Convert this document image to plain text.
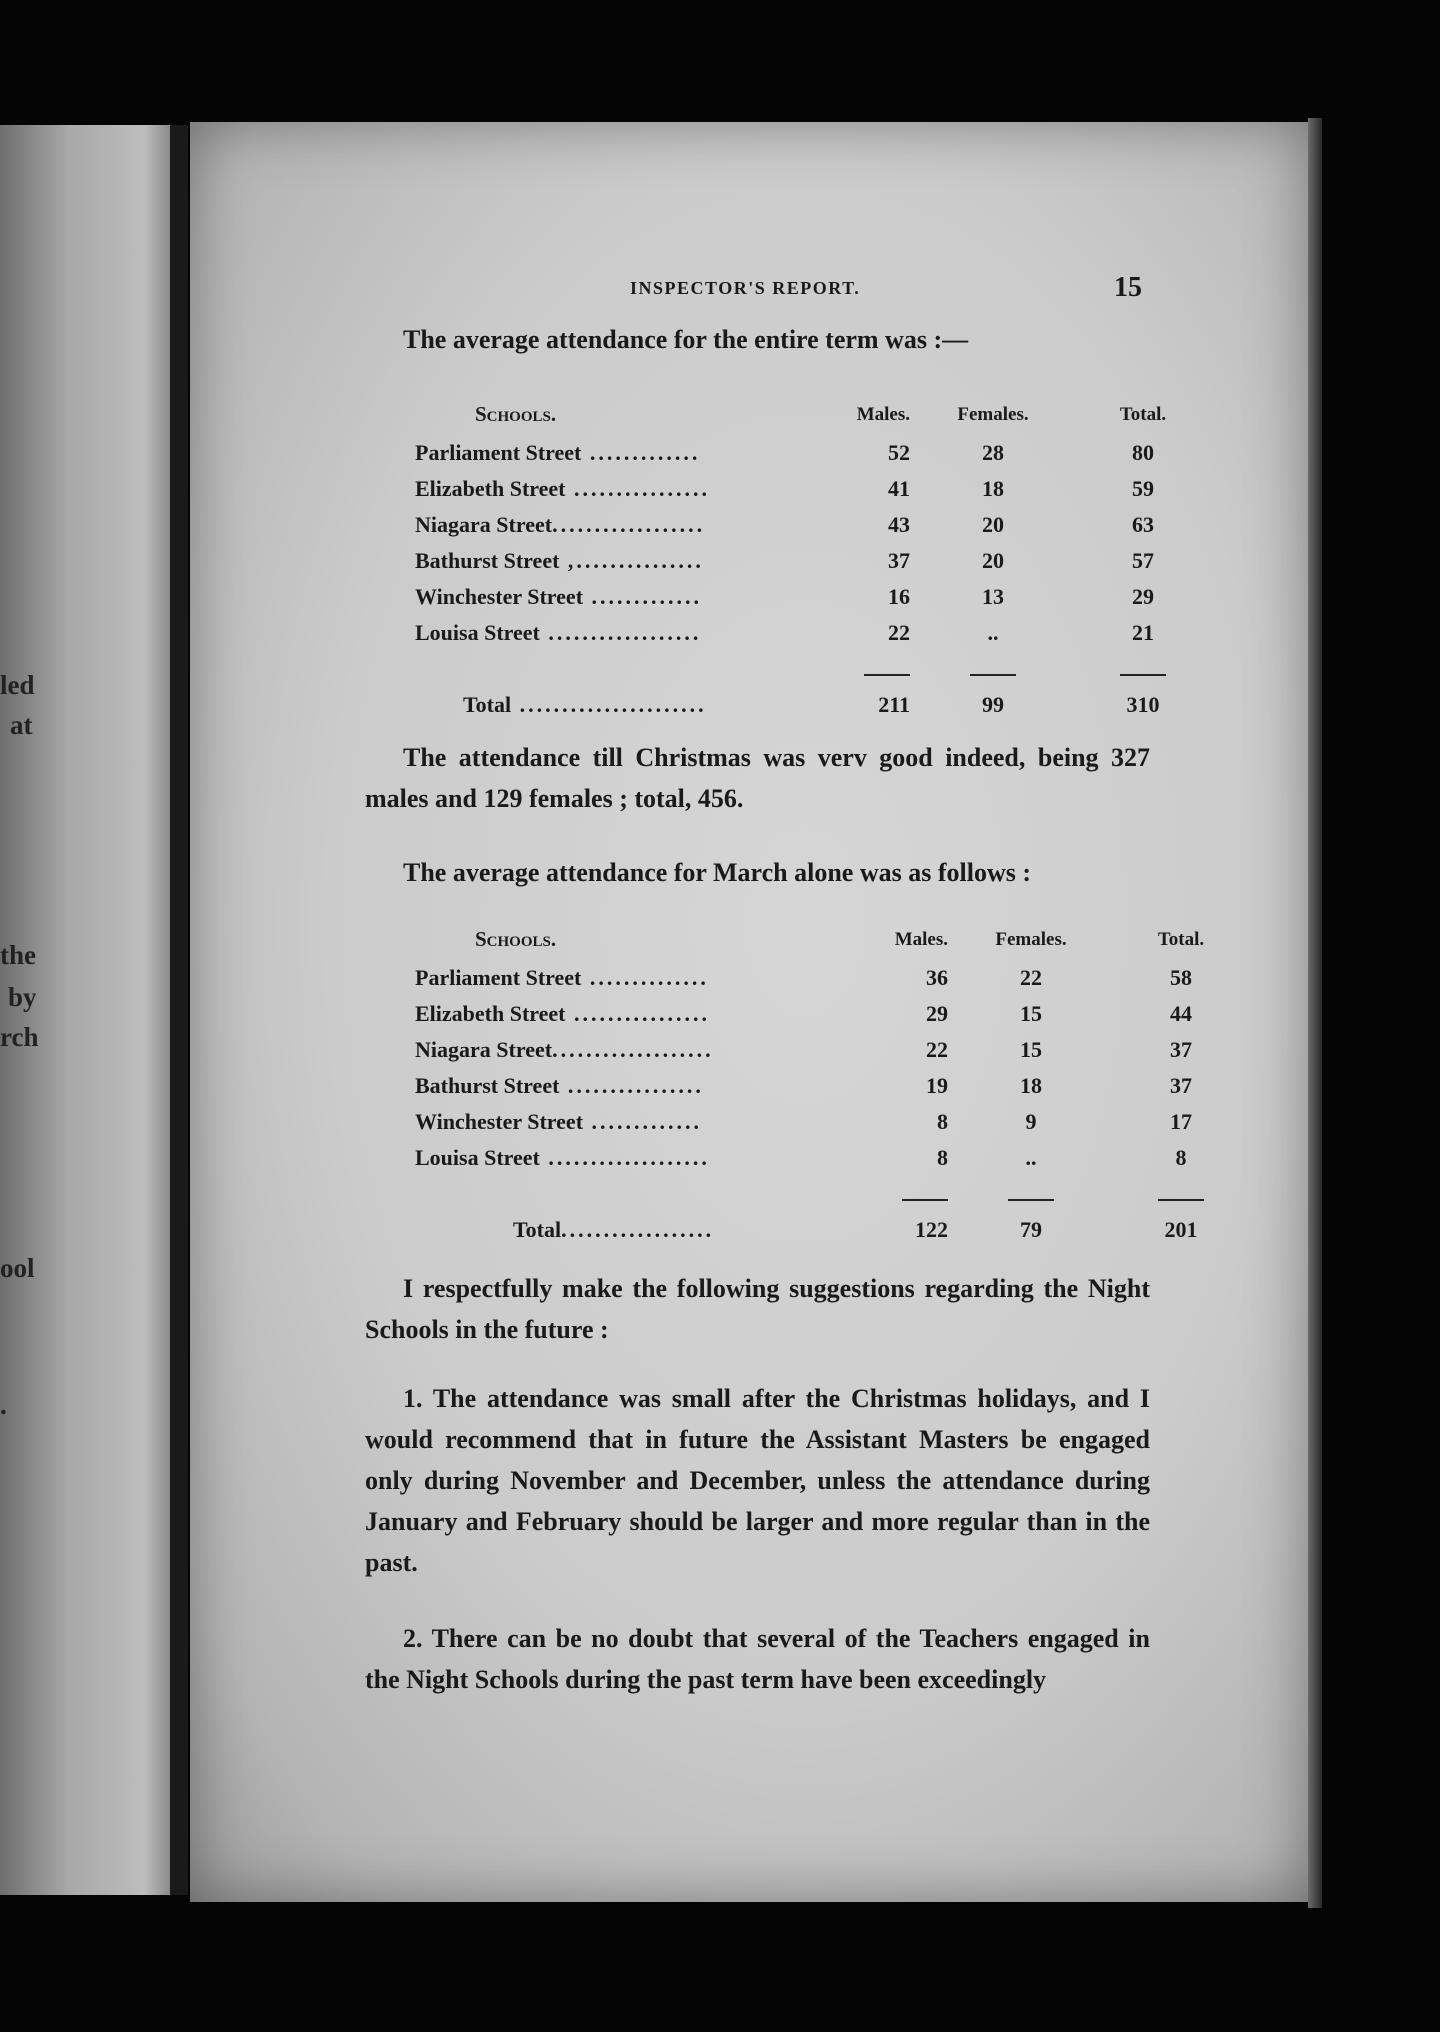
led
at
the
by
rch
ool
.
INSPECTOR'S REPORT.	15
The average attendance for the entire term was :—
Schools.	Males.	Females.	Total.
Parliament Street .............	52	28	80
Elizabeth Street ................	41	18	59
Niagara Street..................	43	20	63
Bathurst Street ,...............	37	20	57
Winchester Street .............	16	13	29
Louisa Street ..................	22	..	21

Total ......................	211	99	310
The attendance till Christmas was verv good indeed, being 327 males and 129 females ; total, 456.
The average attendance for March alone was as follows :
Schools.	Males.	Females.	Total.
Parliament Street ..............	36	22	58
Elizabeth Street ................	29	15	44
Niagara Street...................	22	15	37
Bathurst Street ................	19	18	37
Winchester Street .............	8	9	17
Louisa Street ...................	8	..	8

Total..................	122	79	201
I respectfully make the following suggestions regarding the Night Schools in the future :
1. The attendance was small after the Christmas holidays, and I would recommend that in future the Assistant Masters be engaged only during November and December, unless the attendance during January and February should be larger and more regular than in the past.
2. There can be no doubt that several of the Teachers engaged in the Night Schools during the past term have been exceedingly
